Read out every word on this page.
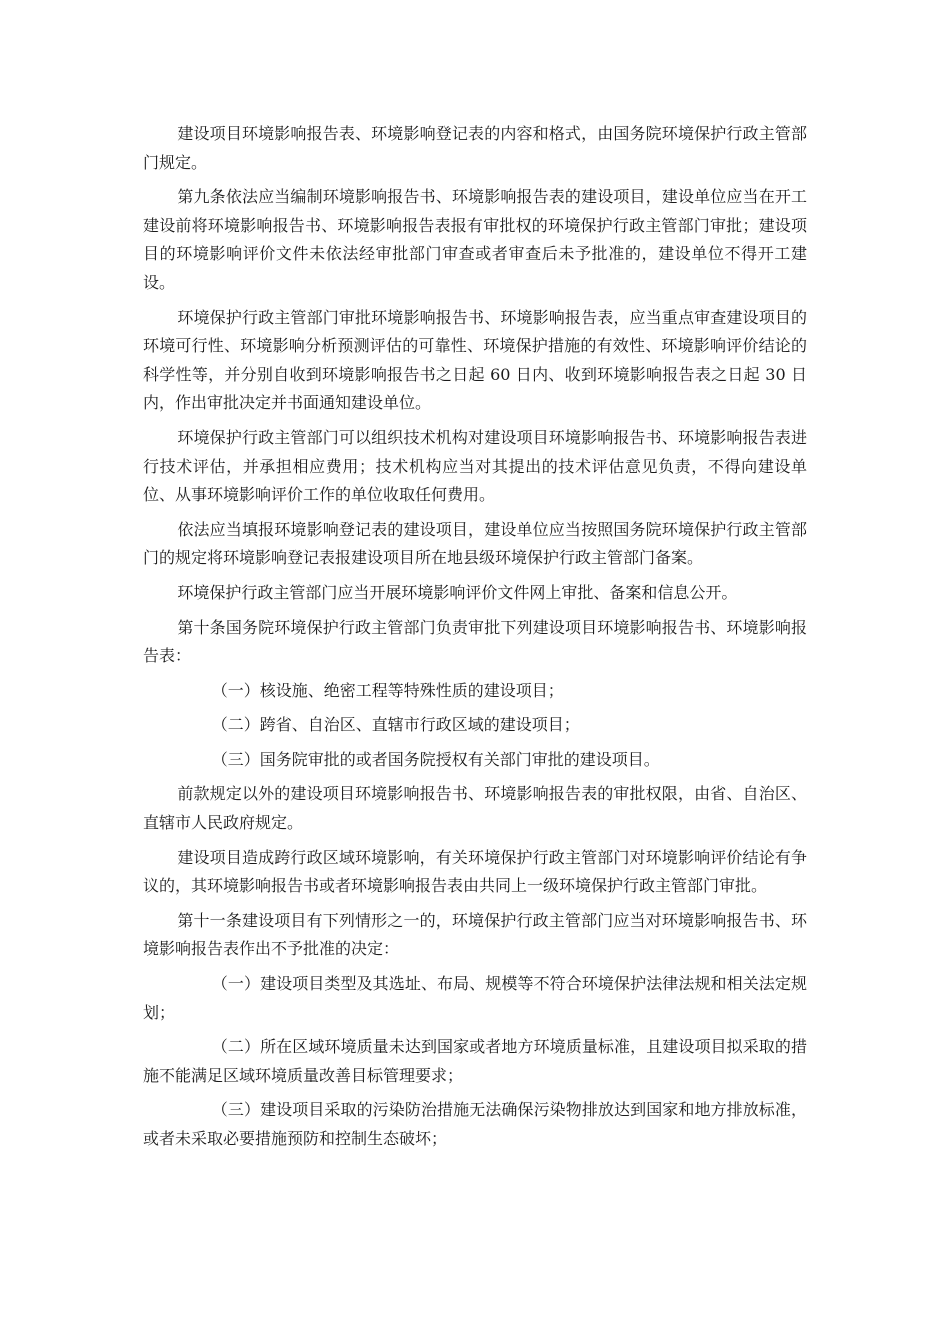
建设项目环境影响报告表、环境影响登记表的内容和格式，由国务院环境保护行政主管部门规定。

第九条依法应当编制环境影响报告书、环境影响报告表的建设项目，建设单位应当在开工建设前将环境影响报告书、环境影响报告表报有审批权的环境保护行政主管部门审批；建设项目的环境影响评价文件未依法经审批部门审查或者审查后未予批准的，建设单位不得开工建设。

环境保护行政主管部门审批环境影响报告书、环境影响报告表，应当重点审查建设项目的环境可行性、环境影响分析预测评估的可靠性、环境保护措施的有效性、环境影响评价结论的科学性等，并分别自收到环境影响报告书之日起 60 日内、收到环境影响报告表之日起 30 日内，作出审批决定并书面通知建设单位。

环境保护行政主管部门可以组织技术机构对建设项目环境影响报告书、环境影响报告表进行技术评估，并承担相应费用；技术机构应当对其提出的技术评估意见负责，不得向建设单位、从事环境影响评价工作的单位收取任何费用。

依法应当填报环境影响登记表的建设项目，建设单位应当按照国务院环境保护行政主管部门的规定将环境影响登记表报建设项目所在地县级环境保护行政主管部门备案。

环境保护行政主管部门应当开展环境影响评价文件网上审批、备案和信息公开。

第十条国务院环境保护行政主管部门负责审批下列建设项目环境影响报告书、环境影响报告表：

（一）核设施、绝密工程等特殊性质的建设项目；

（二）跨省、自治区、直辖市行政区域的建设项目；

（三）国务院审批的或者国务院授权有关部门审批的建设项目。

前款规定以外的建设项目环境影响报告书、环境影响报告表的审批权限，由省、自治区、直辖市人民政府规定。

建设项目造成跨行政区域环境影响，有关环境保护行政主管部门对环境影响评价结论有争议的，其环境影响报告书或者环境影响报告表由共同上一级环境保护行政主管部门审批。

第十一条建设项目有下列情形之一的，环境保护行政主管部门应当对环境影响报告书、环境影响报告表作出不予批准的决定：

（一）建设项目类型及其选址、布局、规模等不符合环境保护法律法规和相关法定规划；

（二）所在区域环境质量未达到国家或者地方环境质量标准，且建设项目拟采取的措施不能满足区域环境质量改善目标管理要求；

（三）建设项目采取的污染防治措施无法确保污染物排放达到国家和地方排放标准，或者未采取必要措施预防和控制生态破坏；
